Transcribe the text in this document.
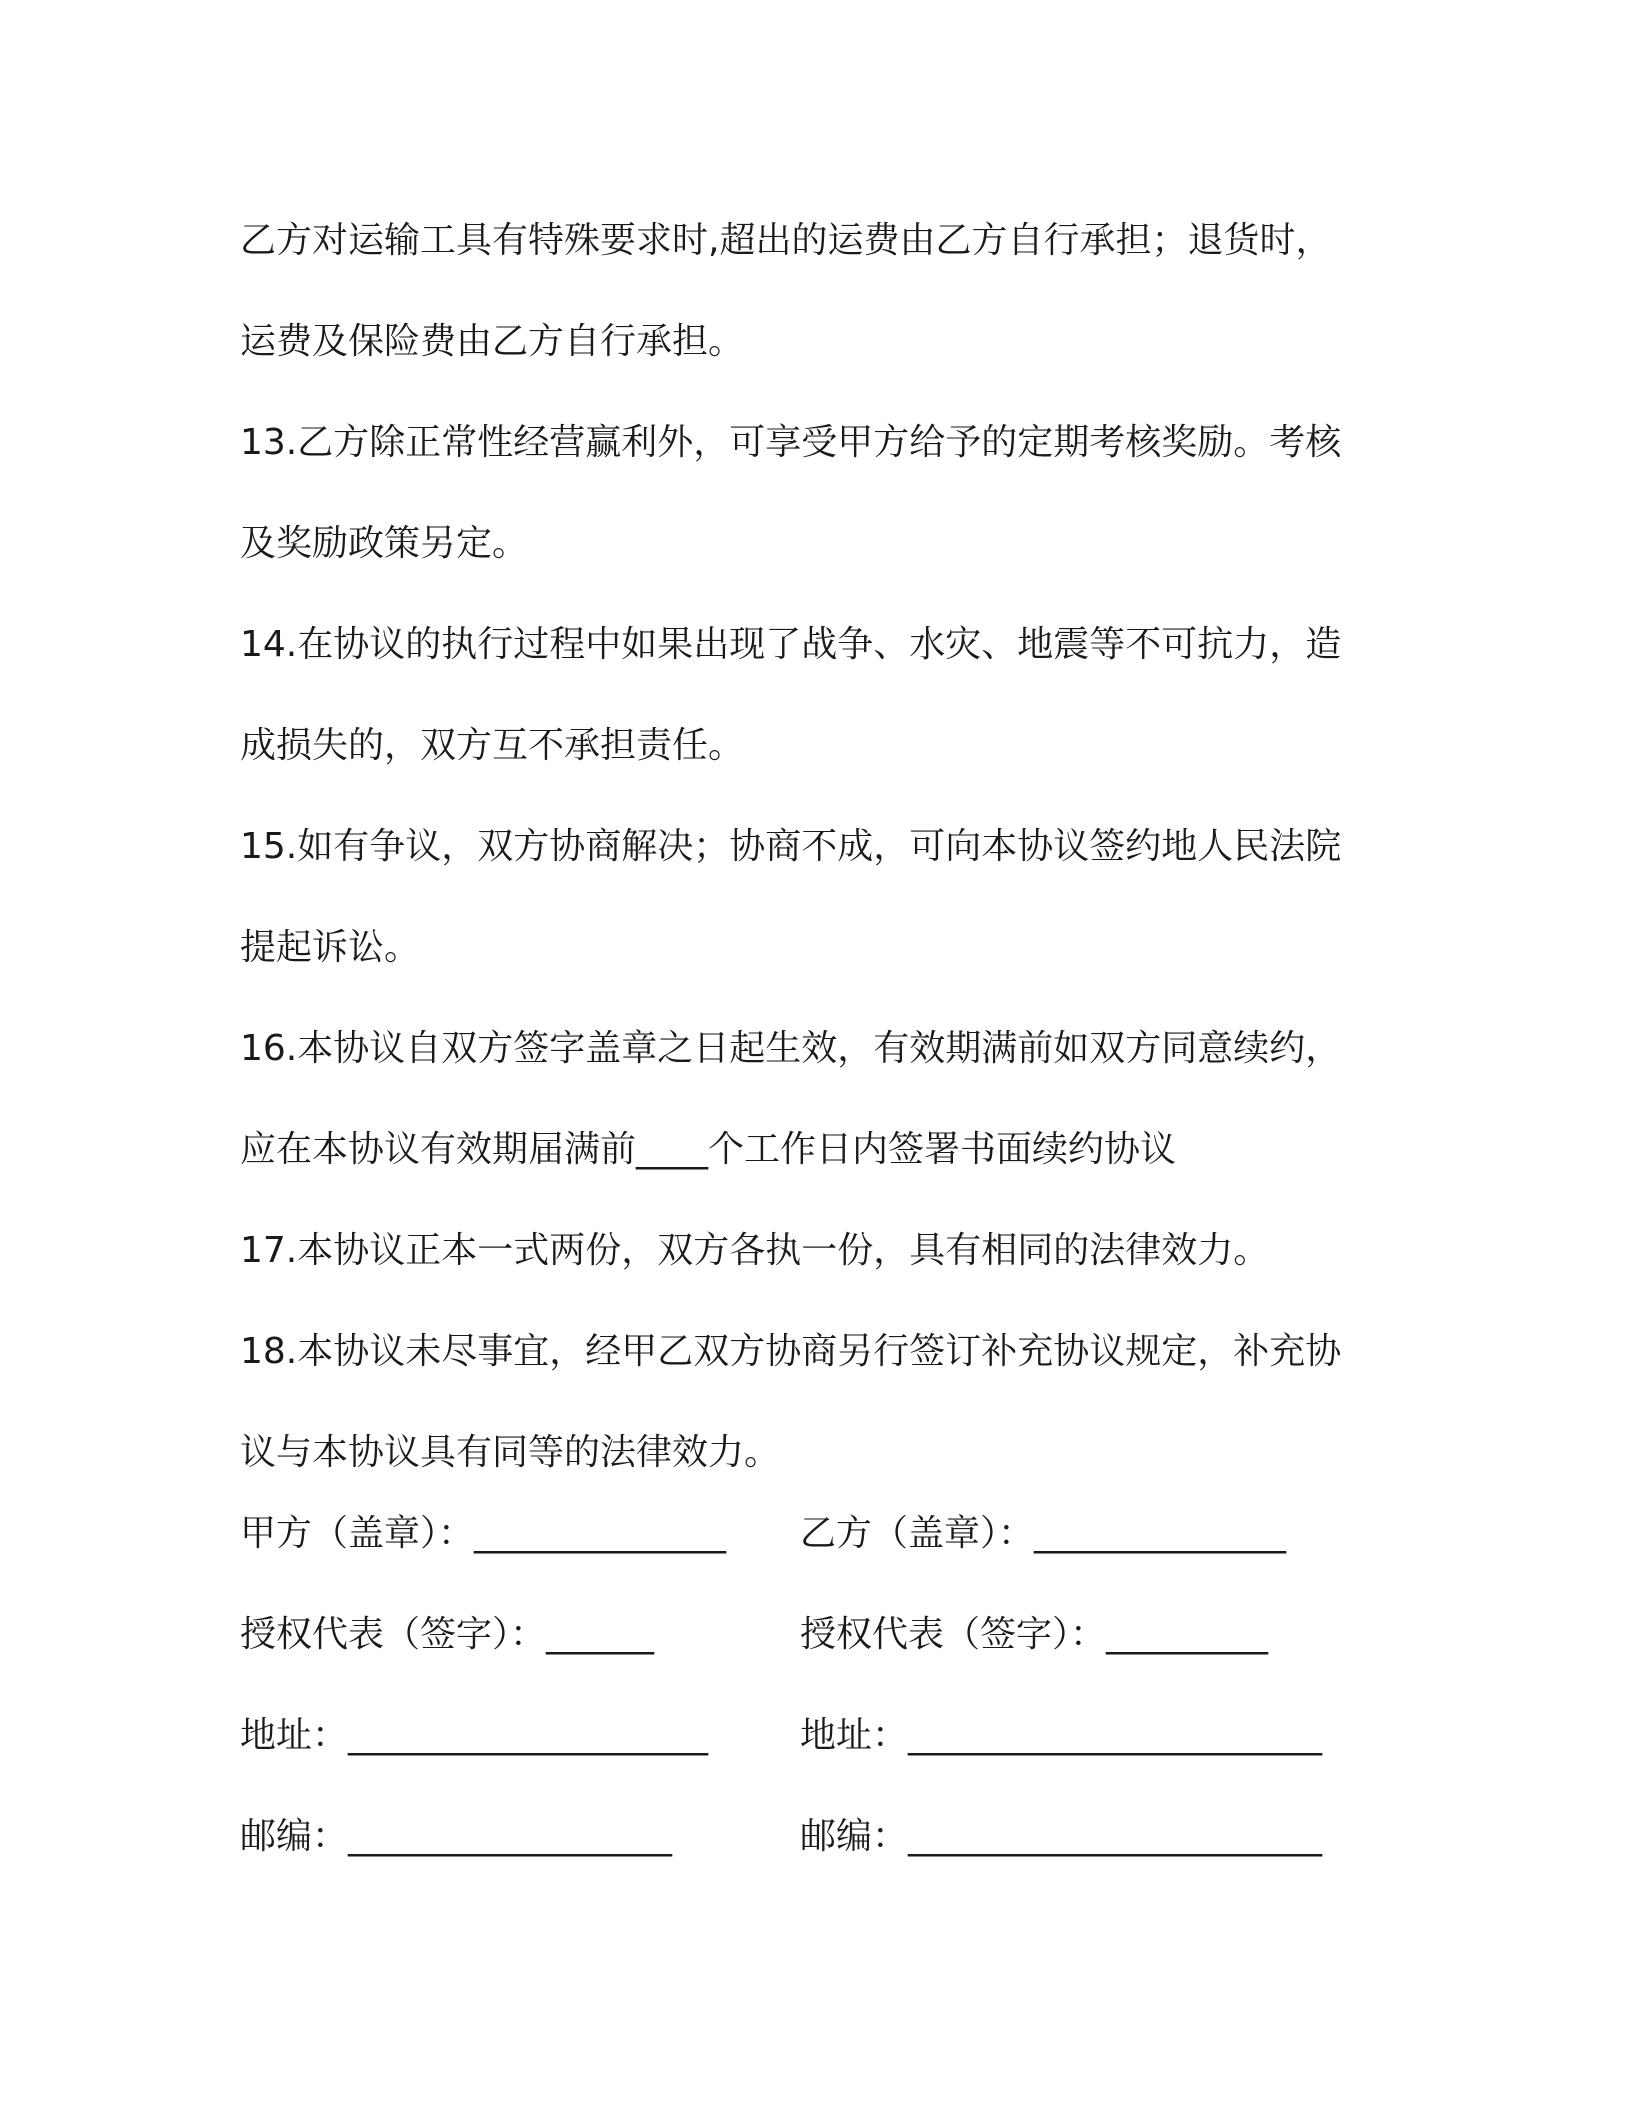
乙方对运输工具有特殊要求时,超出的运费由乙方自行承担；退货时，

运费及保险费由乙方自行承担。

13.乙方除正常性经营赢利外，可享受甲方给予的定期考核奖励。考核

及奖励政策另定。

14.在协议的执行过程中如果出现了战争、水灾、地震等不可抗力，造

成损失的，双方互不承担责任。

15.如有争议，双方协商解决；协商不成，可向本协议签约地人民法院

提起诉讼。

16.本协议自双方签字盖章之日起生效，有效期满前如双方同意续约，

应在本协议有效期届满前____个工作日内签署书面续约协议

17.本协议正本一式两份，双方各执一份，具有相同的法律效力。

18.本协议未尽事宜，经甲乙双方协商另行签订补充协议规定，补充协

议与本协议具有同等的法律效力。

甲方（盖章）：______________	乙方（盖章）：______________
授权代表（签字）：______	授权代表（签字）：_________
地址：____________________	地址：_______________________
邮编：__________________	邮编：_______________________
